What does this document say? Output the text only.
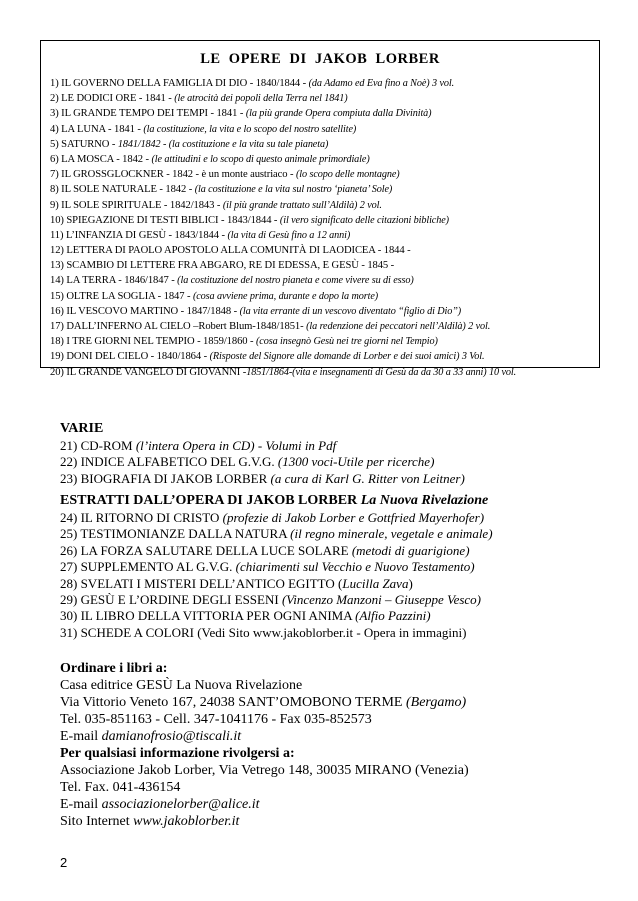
LE  OPERE  DI  JAKOB  LORBER
1) IL GOVERNO DELLA FAMIGLIA DI DIO - 1840/1844 - (da Adamo ed Eva fino a Noè) 3 vol.
2) LE DODICI ORE - 1841 - (le atrocità dei popoli della Terra nel 1841)
3) IL GRANDE TEMPO DEI TEMPI - 1841 - (la più grande Opera compiuta dalla Divinità)
4) LA LUNA - 1841 - (la costituzione, la vita e lo scopo del nostro satellite)
5) SATURNO - 1841/1842 - (la costituzione e la vita su tale pianeta)
6) LA MOSCA - 1842 - (le attitudini e lo scopo di questo animale primordiale)
7) IL GROSSGLOCKNER - 1842 - è un monte austriaco - (lo scopo delle montagne)
8) IL SOLE NATURALE - 1842 - (la costituzione e la vita sul nostro ‘pianeta’ Sole)
9) IL SOLE SPIRITUALE - 1842/1843 - (il più grande trattato sull’Aldilà) 2 vol.
10) SPIEGAZIONE DI TESTI BIBLICI - 1843/1844 - (il vero significato delle citazioni bibliche)
11) L’INFANZIA DI GESÙ - 1843/1844 - (la vita di Gesù fino a 12 anni)
12) LETTERA DI PAOLO APOSTOLO ALLA COMUNITÀ DI LAODICEA - 1844 -
13) SCAMBIO DI LETTERE FRA ABGARO, RE DI EDESSA, E GESÙ - 1845 -
14) LA TERRA - 1846/1847 - (la costituzione del nostro pianeta e come vivere su di esso)
15) OLTRE LA SOGLIA - 1847 - (cosa avviene prima, durante e dopo la morte)
16) IL VESCOVO MARTINO - 1847/1848 - (la vita errante di un vescovo diventato “figlio di Dio”)
17) DALL’INFERNO AL CIELO –Robert Blum-1848/1851- (la redenzione dei peccatori nell’Aldilà) 2 vol.
18) I TRE GIORNI NEL TEMPIO - 1859/1860 - (cosa insegnò Gesù nei tre giorni nel Tempio)
19) DONI DEL CIELO - 1840/1864 - (Risposte del Signore alle domande di Lorber e dei suoi amici) 3 Vol.
20) IL GRANDE VANGELO DI GIOVANNI -1851/1864-(vita e insegnamenti di Gesù da da 30 a 33 anni) 10 vol.
VARIE
21) CD-ROM (l’intera Opera in CD) - Volumi in Pdf
22) INDICE ALFABETICO DEL G.V.G. (1300 voci-Utile per ricerche)
23) BIOGRAFIA DI JAKOB LORBER (a cura di Karl G. Ritter von Leitner)
ESTRATTI DALL’OPERA DI JAKOB LORBER La Nuova Rivelazione
24) IL RITORNO DI CRISTO (profezie di Jakob Lorber e Gottfried Mayerhofer)
25) TESTIMONIANZE DALLA NATURA (il regno minerale, vegetale e animale)
26) LA FORZA SALUTARE DELLA LUCE SOLARE (metodi di guarigione)
27) SUPPLEMENTO AL G.V.G. (chiarimenti sul Vecchio e Nuovo Testamento)
28) SVELATI I MISTERI DELL’ANTICO EGITTO (Lucilla Zava)
29) GESÙ E L’ORDINE DEGLI ESSENI (Vincenzo Manzoni – Giuseppe Vesco)
30) IL LIBRO DELLA VITTORIA PER OGNI ANIMA (Alfio Pazzini)
31) SCHEDE A COLORI (Vedi Sito www.jakoblorber.it - Opera in immagini)
Ordinare i libri a:
Casa editrice GESÙ La Nuova Rivelazione
Via Vittorio Veneto 167, 24038 SANT’OMOBONO TERME (Bergamo)
Tel. 035-851163 - Cell. 347-1041176 - Fax 035-852573
E-mail damianofrosio@tiscali.it
Per qualsiasi informazione rivolgersi a:
Associazione Jakob Lorber, Via Vetrego 148, 30035 MIRANO (Venezia)
Tel. Fax. 041-436154
E-mail associazionelorber@alice.it
Sito Internet www.jakoblorber.it
2
